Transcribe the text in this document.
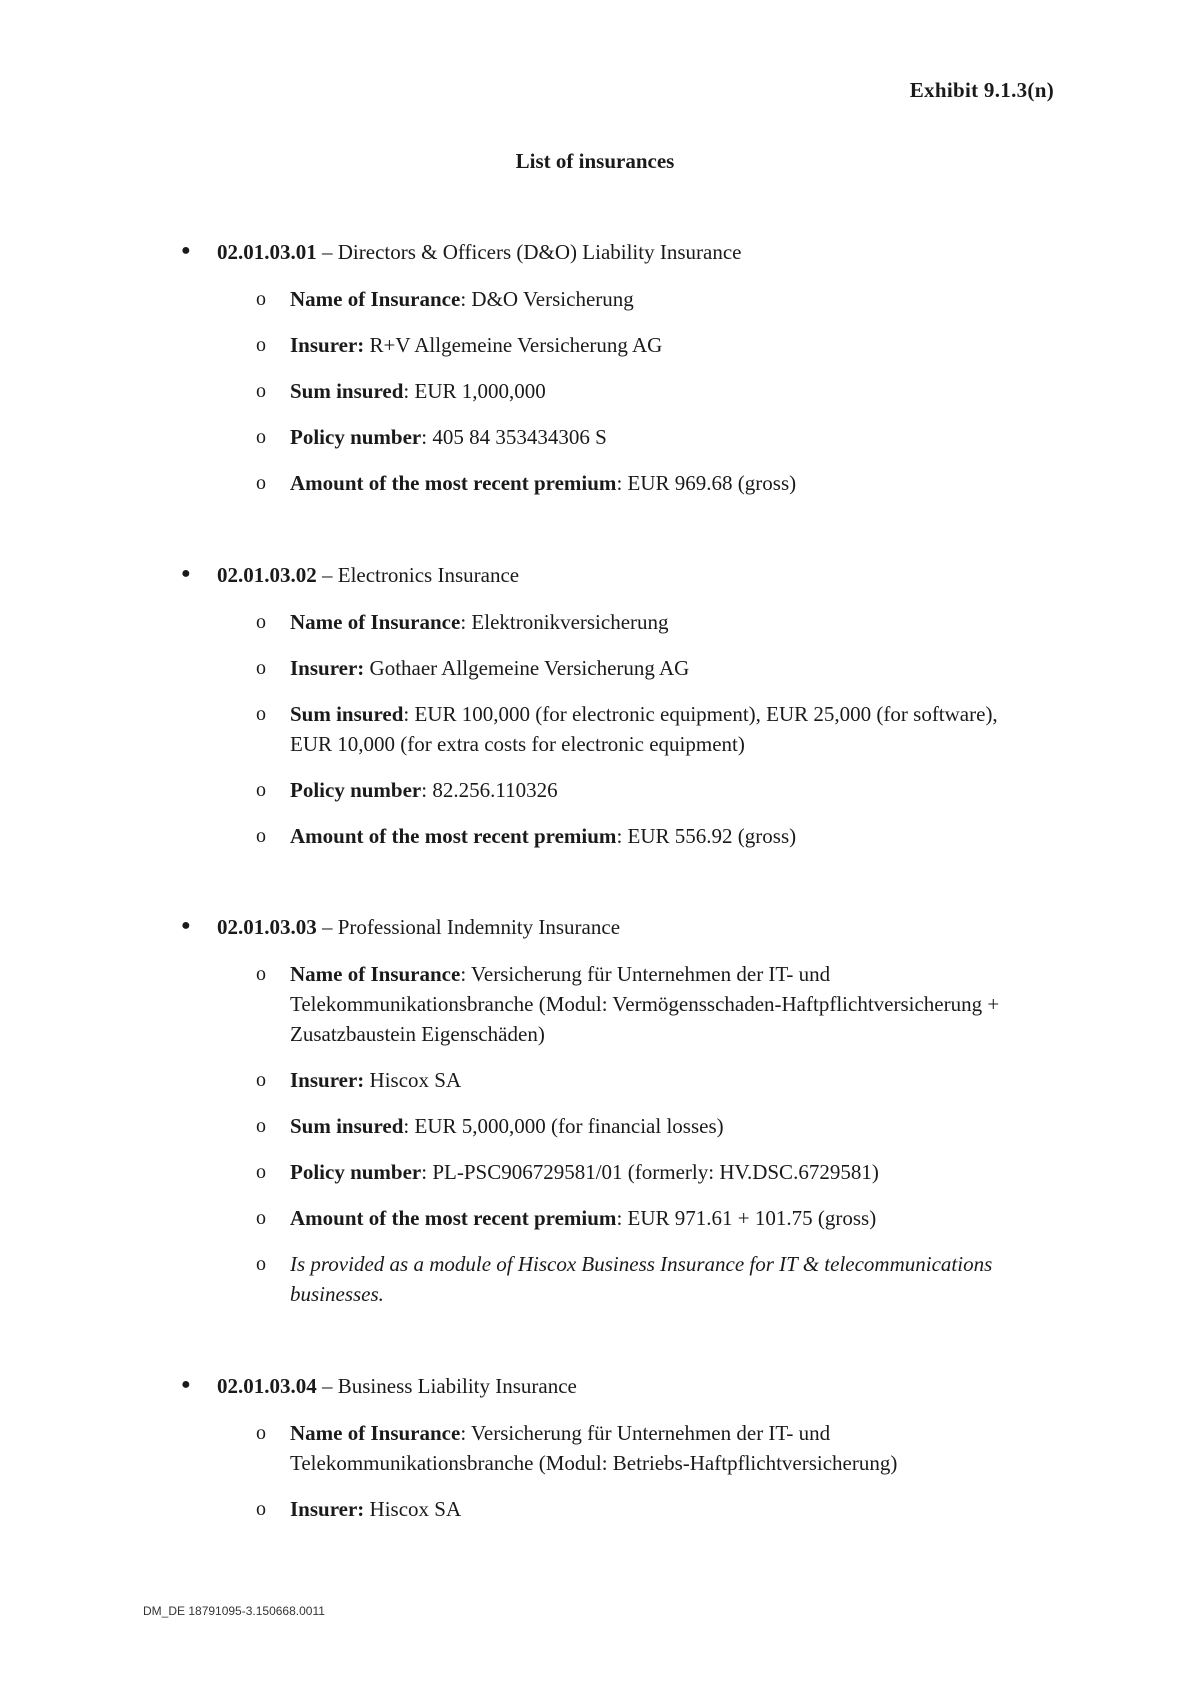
Exhibit 9.1.3(n)
List of insurances
● 02.01.03.01 – Directors & Officers (D&O) Liability Insurance
o Name of Insurance: D&O Versicherung
o Insurer: R+V Allgemeine Versicherung AG
o Sum insured: EUR 1,000,000
o Policy number: 405 84 353434306 S
o Amount of the most recent premium: EUR 969.68 (gross)
● 02.01.03.02 – Electronics Insurance
o Name of Insurance: Elektronikversicherung
o Insurer: Gothaer Allgemeine Versicherung AG
o Sum insured: EUR 100,000 (for electronic equipment), EUR 25,000 (for software), EUR 10,000 (for extra costs for electronic equipment)
o Policy number: 82.256.110326
o Amount of the most recent premium: EUR 556.92 (gross)
● 02.01.03.03 – Professional Indemnity Insurance
o Name of Insurance: Versicherung für Unternehmen der IT- und Telekommunikationsbranche (Modul: Vermögensschaden-Haftpflichtversicherung + Zusatzbaustein Eigenschäden)
o Insurer: Hiscox SA
o Sum insured: EUR 5,000,000 (for financial losses)
o Policy number: PL-PSC906729581/01 (formerly: HV.DSC.6729581)
o Amount of the most recent premium: EUR 971.61 + 101.75 (gross)
o Is provided as a module of Hiscox Business Insurance for IT & telecommunications businesses.
● 02.01.03.04 – Business Liability Insurance
o Name of Insurance: Versicherung für Unternehmen der IT- und Telekommunikationsbranche (Modul: Betriebs-Haftpflichtversicherung)
o Insurer: Hiscox SA
DM_DE 18791095-3.150668.0011
